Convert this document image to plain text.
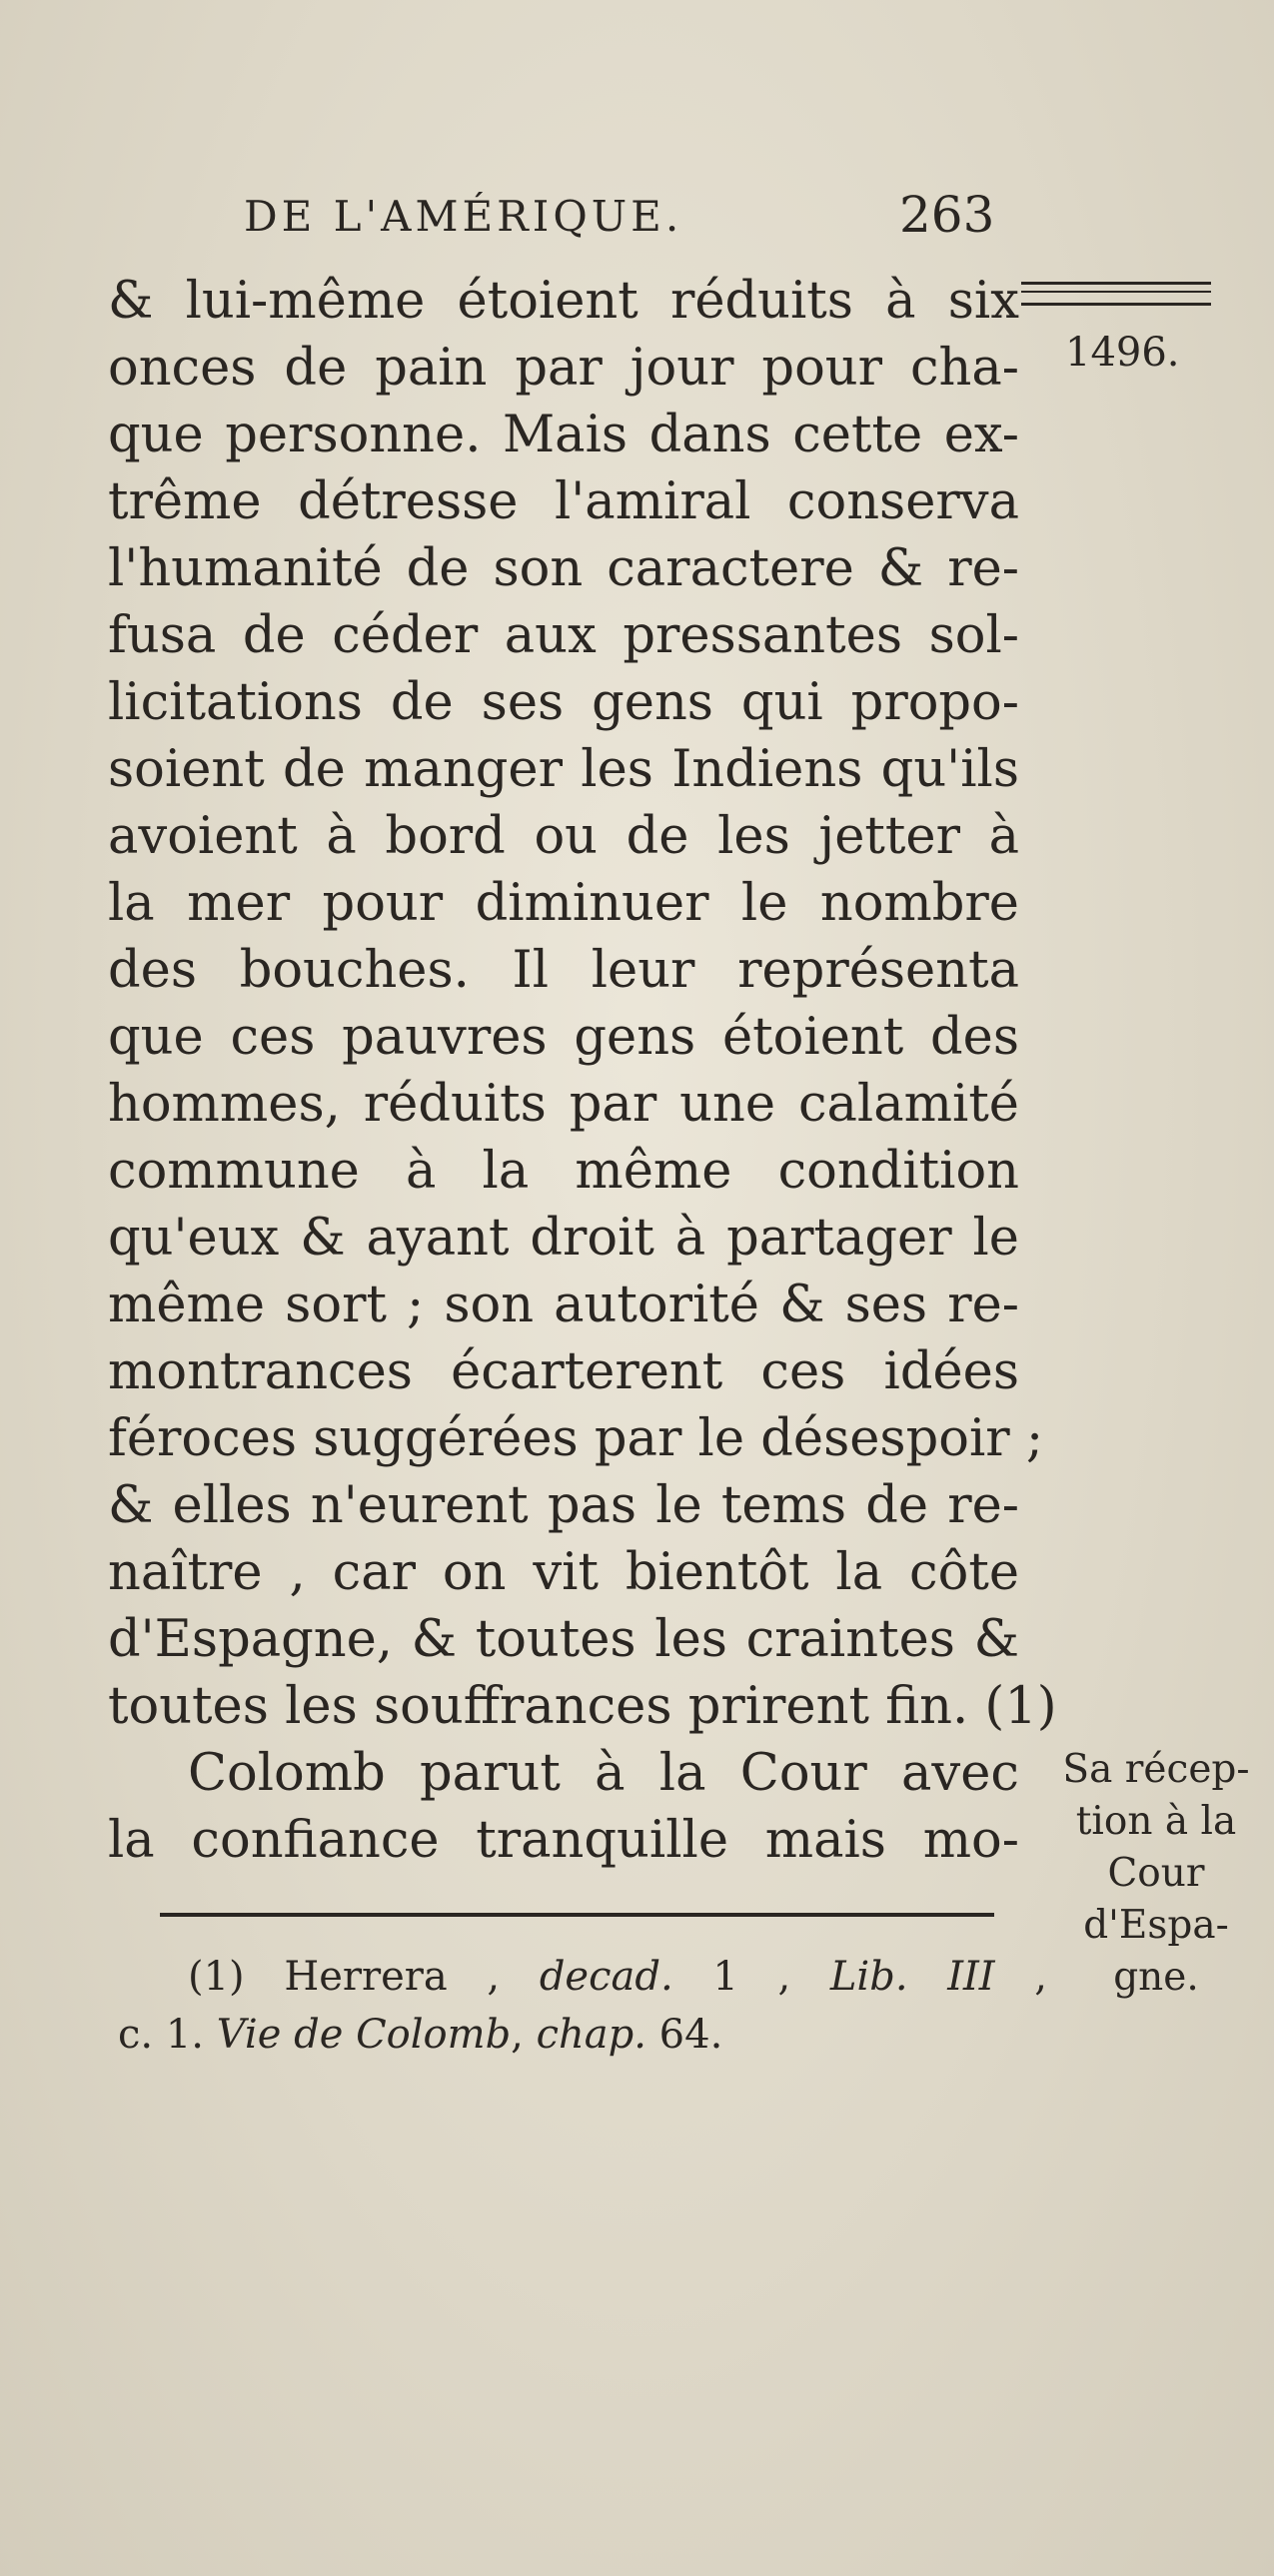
DE L'AMÉRIQUE.	263
1496.
& lui-même étoient réduits à six
onces de pain par jour pour cha-
que personne. Mais dans cette ex-
trême détresse l'amiral conserva
l'humanité de son caractere & re-
fusa de céder aux pressantes sol-
licitations de ses gens qui propo-
soient de manger les Indiens qu'ils
avoient à bord ou de les jetter à
la mer pour diminuer le nombre
des bouches. Il leur représenta
que ces pauvres gens étoient des
hommes, réduits par une calamité
commune à la même condition
qu'eux & ayant droit à partager le
même sort ; son autorité & ses re-
montrances écarterent ces idées
féroces suggérées par le désespoir ;
& elles n'eurent pas le tems de re-
naître , car on vit bientôt la côte
d'Espagne, & toutes les craintes &
toutes les souffrances prirent fin. (1)
Colomb parut à la Cour avec
la confiance tranquille mais mo-
Sa récep-
tion à la
Cour
d'Espa-
gne.
(1) Herrera , decad. 1 , Lib. III ,
c. 1. Vie de Colomb, chap. 64.
